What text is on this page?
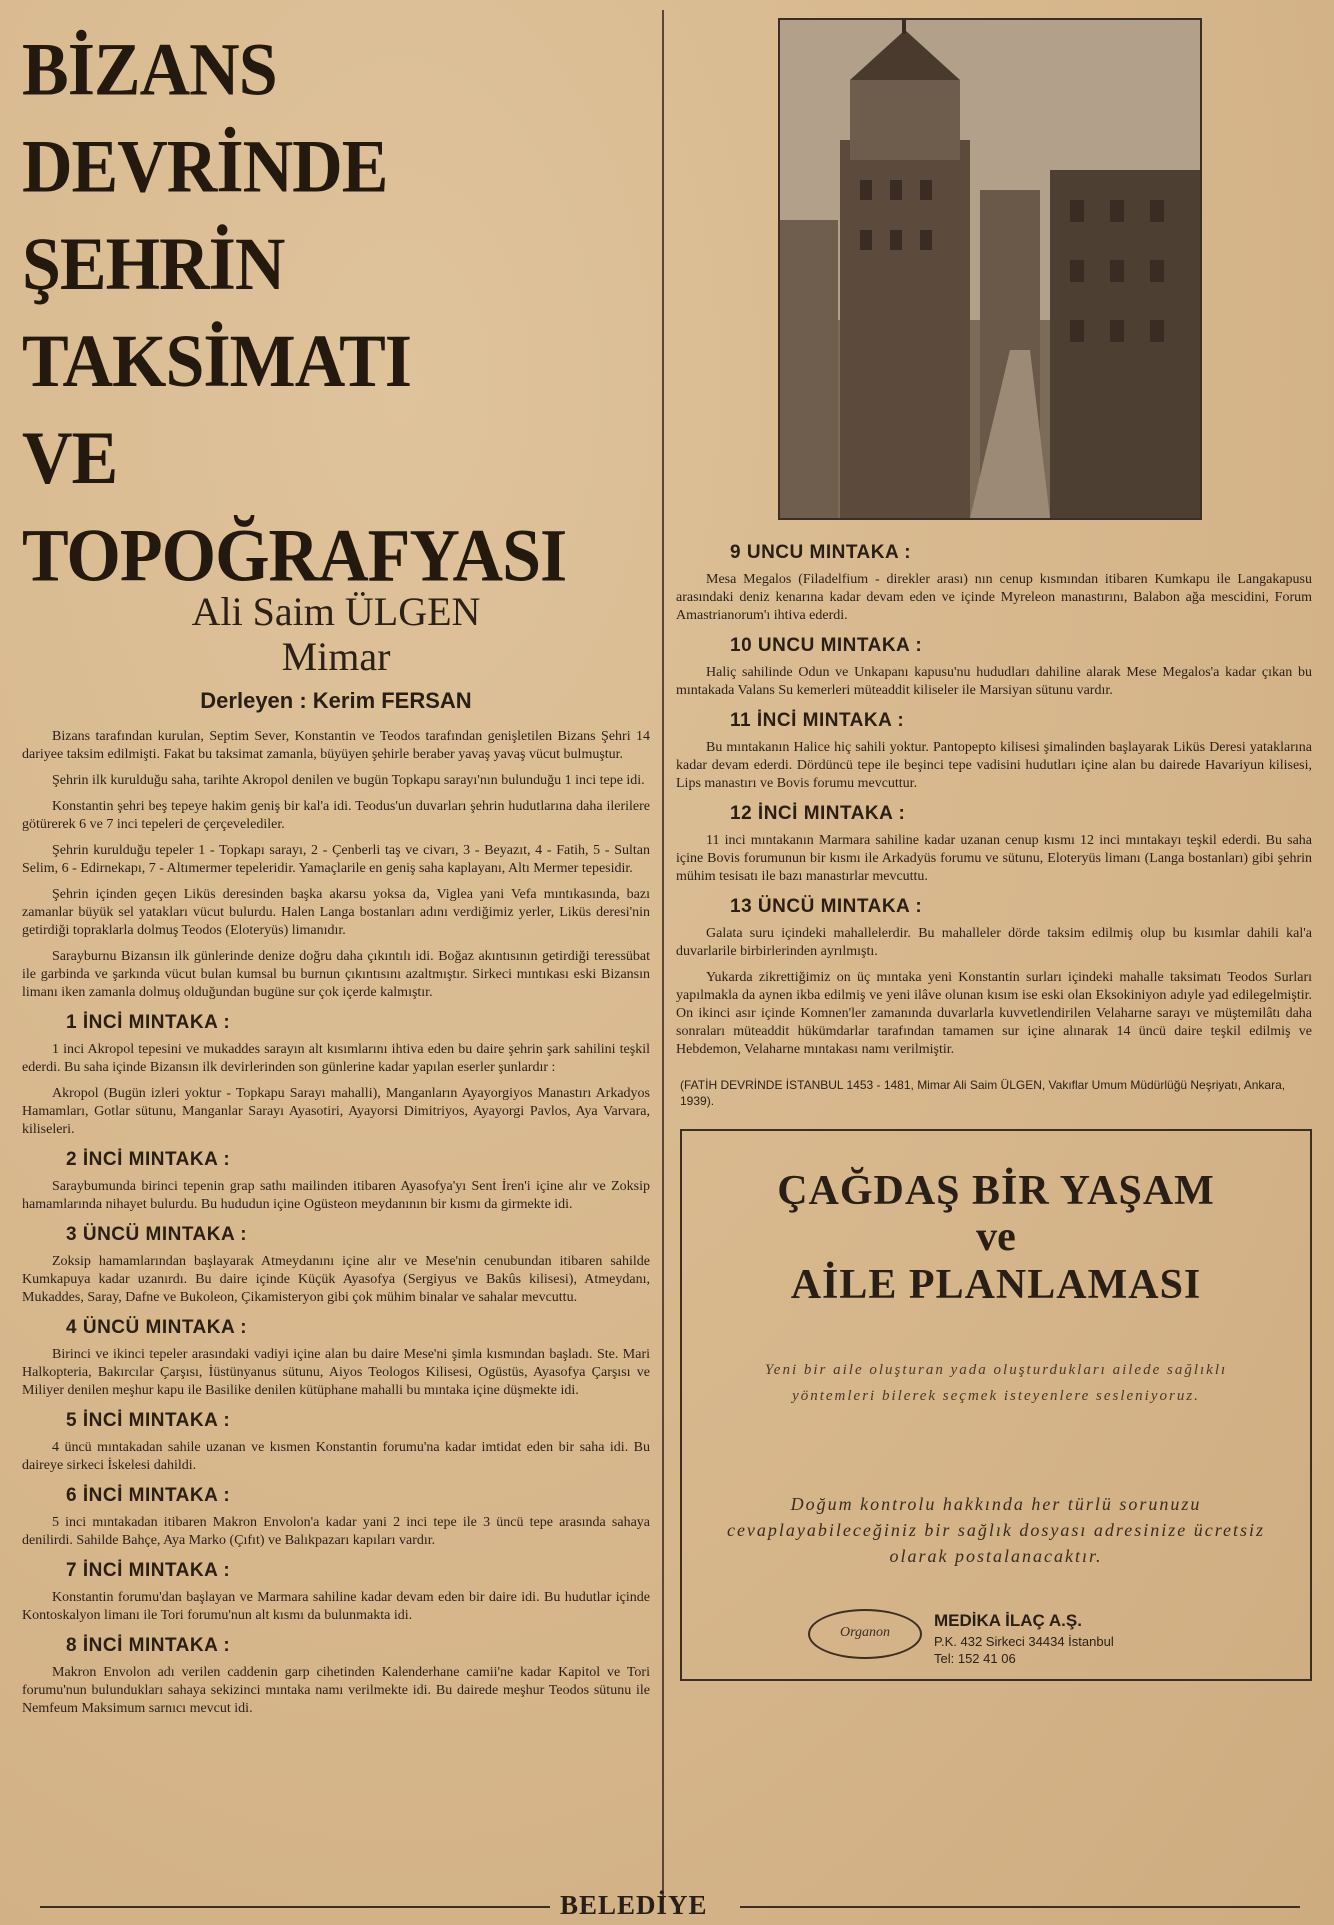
BİZANS DEVRİNDE
ŞEHRİN TAKSİMATI
VE TOPOĞRAFYASI
Ali Saim ÜLGEN
Mimar
Derleyen : Kerim FERSAN

Bizans tarafından kurulan, Septim Sever, Konstantin ve Teodos tarafından genişletilen Bizans Şehri 14 dariyee taksim edilmişti. Fakat bu taksimat zamanla, büyüyen şehirle beraber yavaş yavaş vücut bulmuştur.

Şehrin ilk kurulduğu saha, tarihte Akropol denilen ve bugün Topkapu sarayı'nın bulunduğu 1 inci tepe idi.

Konstantin şehri beş tepeye hakim geniş bir kal'a idi. Teodus'un duvarları şehrin hudutlarına daha ilerilere götürerek 6 ve 7 inci tepeleri de çerçevelediler.

Şehrin kurulduğu tepeler 1 - Topkapı sarayı, 2 - Çenberli taş ve civarı, 3 - Beyazıt, 4 - Fatih, 5 - Sultan Selim, 6 - Edirnekapı, 7 - Altımermer tepeleridir. Yamaçlarile en geniş saha kaplayanı, Altı Mermer tepesidir.

Şehrin içinden geçen Liküs deresinden başka akarsu yoksa da, Viglea yani Vefa mıntıkasında, bazı zamanlar büyük sel yatakları vücut bulurdu. Halen Langa bostanları adını verdiğimiz yerler, Liküs deresi'nin getirdiği topraklarla dolmuş Teodos (Eloteryüs) limanıdır.

Sarayburnu Bizansın ilk günlerinde denize doğru daha çıkıntılı idi. Boğaz akıntısının getirdiği teressübat ile garbinda ve şarkında vücut bulan kumsal bu burnun çıkıntısını azaltmıştır. Sirkeci mıntıkası eski Bizansın limanı iken zamanla dolmuş olduğundan bugüne sur çok içerde kalmıştır.

1 İNCİ MINTAKA :

1 inci Akropol tepesini ve mukaddes sarayın alt kısımlarını ihtiva eden bu daire şehrin şark sahilini teşkil ederdi. Bu saha içinde Bizansın ilk devirlerinden son günlerine kadar yapılan eserler şunlardır :

Akropol (Bugün izleri yoktur - Topkapu Sarayı mahalli), Manganların Ayayorgiyos Manastırı Arkadyos Hamamları, Gotlar sütunu, Manganlar Sarayı Ayasotiri, Ayayorsi Dimitriyos, Ayayorgi Pavlos, Aya Varvara, kiliseleri.

2 İNCİ MINTAKA :

Saraybumunda birinci tepenin grap sathı mailinden itibaren Ayasofya'yı Sent İren'i içine alır ve Zoksip hamamlarında nihayet bulurdu. Bu hududun içine Ogüsteon meydanının bir kısmı da girmekte idi.

3 ÜNCÜ MINTAKA :

Zoksip hamamlarından başlayarak Atmeydanını içine alır ve Mese'nin cenubundan itibaren sahilde Kumkapuya kadar uzanırdı. Bu daire içinde Küçük Ayasofya (Sergiyus ve Bakûs kilisesi), Atmeydanı, Mukaddes, Saray, Dafne ve Bukoleon, Çikamisteryon gibi çok mühim binalar ve sahalar mevcuttu.

4 ÜNCÜ MINTAKA :

Birinci ve ikinci tepeler arasındaki vadiyi içine alan bu daire Mese'ni şimla kısmından başladı. Ste. Mari Halkopteria, Bakırcılar Çarşısı, İüstünyanus sütunu, Aiyos Teologos Kilisesi, Ogüstüs, Ayasofya Çarşısı ve Miliyer denilen meşhur kapu ile Basilike denilen kütüphane mahalli bu mıntaka içine düşmekte idi.

5 İNCİ MINTAKA :

4 üncü mıntakadan sahile uzanan ve kısmen Konstantin forumu'na kadar imtidat eden bir saha idi. Bu daireye sirkeci İskelesi dahildi.

6 İNCİ MINTAKA :

5 inci mıntakadan itibaren Makron Envolon'a kadar yani 2 inci tepe ile 3 üncü tepe arasında sahaya denilirdi. Sahilde Bahçe, Aya Marko (Çıfıt) ve Balıkpazarı kapıları vardır.

7 İNCİ MINTAKA :

Konstantin forumu'dan başlayan ve Marmara sahiline kadar devam eden bir daire idi. Bu hudutlar içinde Kontoskalyon limanı ile Tori forumu'nun alt kısmı da bulunmakta idi.

8 İNCİ MINTAKA :

Makron Envolon adı verilen caddenin garp cihetinden Kalenderhane camii'ne kadar Kapitol ve Tori forumu'nun bulundukları sahaya sekizinci mıntaka namı verilmekte idi. Bu dairede meşhur Teodos sütunu ile Nemfeum Maksimum sarnıcı mevcut idi.

9 UNCU MINTAKA :

Mesa Megalos (Filadelfium - direkler arası) nın cenup kısmından itibaren Kumkapu ile Langakapusu arasındaki deniz kenarına kadar devam eden ve içinde Myreleon manastırını, Balabon ağa mescidini, Forum Amastrianorum'ı ihtiva ederdi.

10 UNCU MINTAKA :

Haliç sahilinde Odun ve Unkapanı kapusu'nu hududları dahiline alarak Mese Megalos'a kadar çıkan bu mıntakada Valans Su kemerleri müteaddit kiliseler ile Marsiyan sütunu vardır.

11 İNCİ MINTAKA :

Bu mıntakanın Halice hiç sahili yoktur. Pantopepto kilisesi şimalinden başlayarak Liküs Deresi yataklarına kadar devam ederdi. Dördüncü tepe ile beşinci tepe vadisini hudutları içine alan bu dairede Havariyun kilisesi, Lips manastırı ve Bovis forumu mevcuttur.

12 İNCİ MINTAKA :

11 inci mıntakanın Marmara sahiline kadar uzanan cenup kısmı 12 inci mıntakayı teşkil ederdi. Bu saha içine Bovis forumunun bir kısmı ile Arkadyüs forumu ve sütunu, Eloteryüs limanı (Langa bostanları) gibi şehrin mühim tesisatı ile bazı manastırlar mevcuttu.

13 ÜNCÜ MINTAKA :

Galata suru içindeki mahallelerdir. Bu mahalleler dörde taksim edilmiş olup bu kısımlar dahili kal'a duvarlarile birbirlerinden ayrılmıştı.

Yukarda zikrettiğimiz on üç mıntaka yeni Konstantin surları içindeki mahalle taksimatı Teodos Surları yapılmakla da aynen ikba edilmiş ve yeni ilâve olunan kısım ise eski olan Eksokiniyon adıyle yad edilegelmiştir. On ikinci asır içinde Komnen'ler zamanında duvarlarla kuvvetlendirilen Velaharne sarayı ve müştemilâtı daha sonraları müteaddit hükümdarlar tarafından tamamen sur içine alınarak 14 üncü daire teşkil edilmiş ve Hebdemon, Velaharne mıntakası namı verilmiştir.

(FATİH DEVRİNDE İSTANBUL 1453 - 1481, Mimar Ali Saim ÜLGEN, Vakıflar Umum Müdürlüğü Neşriyatı, Ankara, 1939).
ÇAĞDAŞ BİR YAŞAM
ve
AİLE PLANLAMASI
Yeni bir aile oluşturan yada oluşturdukları ailede sağlıklı yöntemleri bilerek seçmek isteyenlere sesleniyoruz.
Doğum kontrolu hakkında her türlü sorunuzu cevaplayabileceğiniz bir sağlık dosyası adresinize ücretsiz olarak postalanacaktır.
Organon
MEDİKA İLAÇ A.Ş.
P.K. 432 Sirkeci 34434 İstanbul
Tel: 152 41 06
BELEDİYE
